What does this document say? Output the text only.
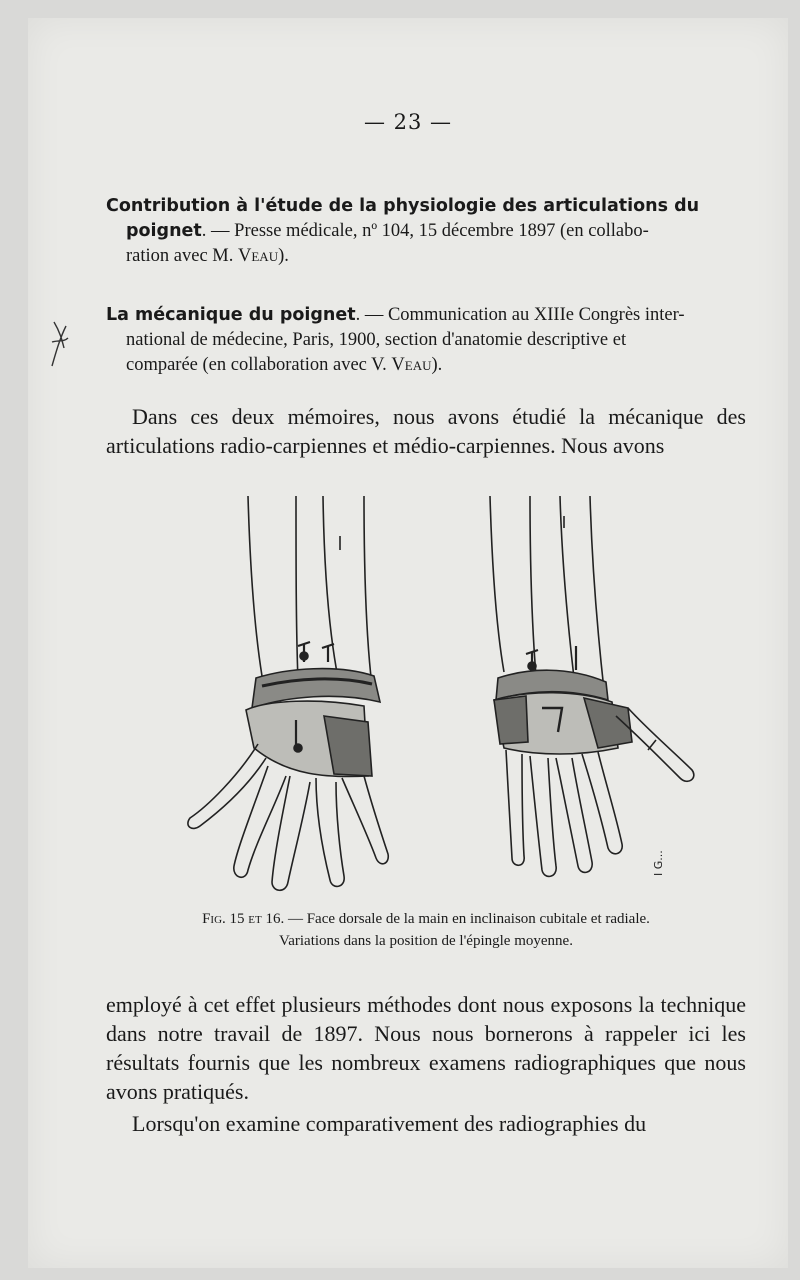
— 23 —
Contribution à l'étude de la physiologie des articulations du
poignet. — Presse médicale, nº 104, 15 décembre 1897 (en collabo-
ration avec M. Veau).
La mécanique du poignet. — Communication au XIIIe Congrès inter-
national de médecine, Paris, 1900, section d'anatomie descriptive et
comparée (en collaboration avec V. Veau).
Dans ces deux mémoires, nous avons étudié la mécanique des articulations radio-carpiennes et médio-carpiennes. Nous avons
I G...
Fig. 15 et 16. — Face dorsale de la main en inclinaison cubitale et radiale.
Variations dans la position de l'épingle moyenne.
employé à cet effet plusieurs méthodes dont nous exposons la technique dans notre travail de 1897. Nous nous bornerons à rappeler ici les résultats fournis que les nombreux examens radiographiques que nous avons pratiqués.
Lorsqu'on examine comparativement des radiographies du
